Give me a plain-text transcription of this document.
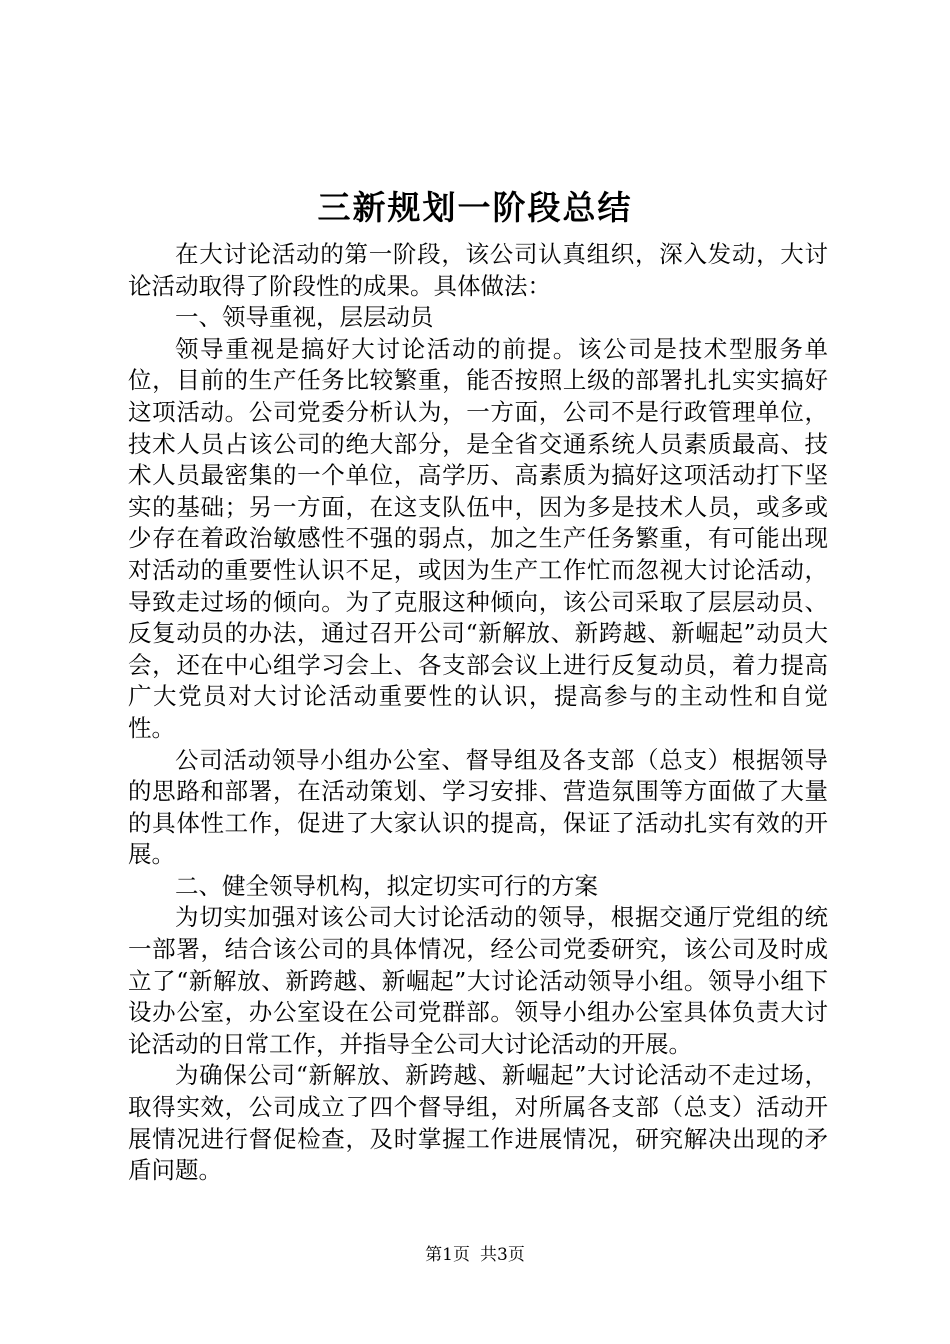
三新规划一阶段总结

在大讨论活动的第一阶段，该公司认真组织，深入发动，大讨论活动取得了阶段性的成果。具体做法：

一、领导重视，层层动员

领导重视是搞好大讨论活动的前提。该公司是技术型服务单位，目前的生产任务比较繁重，能否按照上级的部署扎扎实实搞好这项活动。公司党委分析认为，一方面，公司不是行政管理单位，技术人员占该公司的绝大部分，是全省交通系统人员素质最高、技术人员最密集的一个单位，高学历、高素质为搞好这项活动打下坚实的基础；另一方面，在这支队伍中，因为多是技术人员，或多或少存在着政治敏感性不强的弱点，加之生产任务繁重，有可能出现对活动的重要性认识不足，或因为生产工作忙而忽视大讨论活动，导致走过场的倾向。为了克服这种倾向，该公司采取了层层动员、反复动员的办法，通过召开公司“新解放、新跨越、新崛起”动员大会，还在中心组学习会上、各支部会议上进行反复动员，着力提高广大党员对大讨论活动重要性的认识，提高参与的主动性和自觉性。

公司活动领导小组办公室、督导组及各支部（总支）根据领导的思路和部署，在活动策划、学习安排、营造氛围等方面做了大量的具体性工作，促进了大家认识的提高，保证了活动扎实有效的开展。

二、健全领导机构，拟定切实可行的方案

为切实加强对该公司大讨论活动的领导，根据交通厅党组的统一部署，结合该公司的具体情况，经公司党委研究，该公司及时成立了“新解放、新跨越、新崛起”大讨论活动领导小组。领导小组下设办公室，办公室设在公司党群部。领导小组办公室具体负责大讨论活动的日常工作，并指导全公司大讨论活动的开展。

为确保公司“新解放、新跨越、新崛起”大讨论活动不走过场，取得实效，公司成立了四个督导组，对所属各支部（总支）活动开展情况进行督促检查，及时掌握工作进展情况，研究解决出现的矛盾问题。

第1页 共3页
